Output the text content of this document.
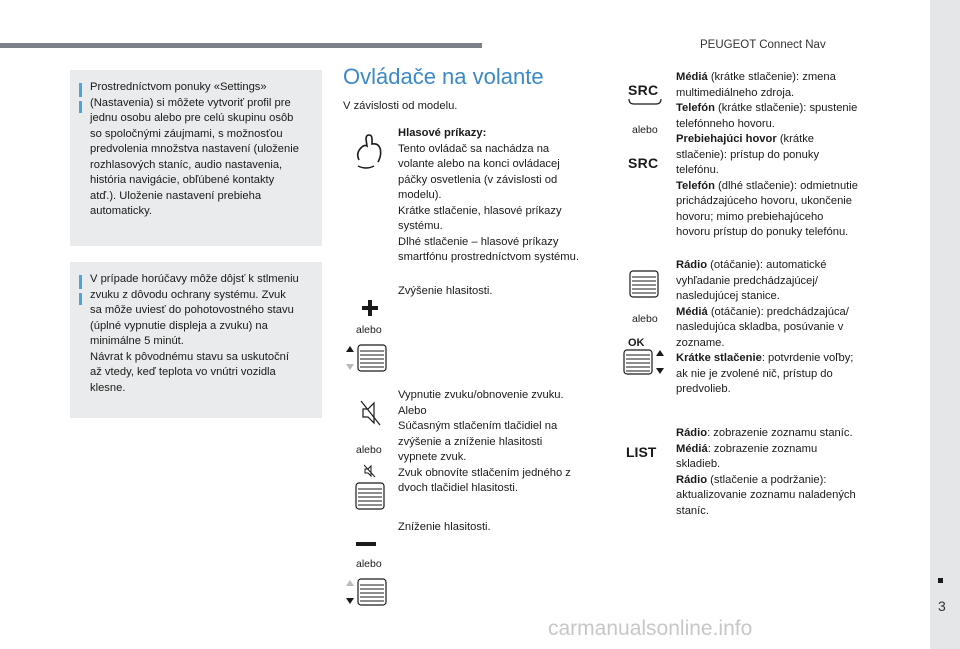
PEUGEOT Connect Nav
3
Prostredníctvom ponuky «Settings»
(Nastavenia) si môžete vytvoriť profil pre
jednu osobu alebo pre celú skupinu osôb
so spoločnými záujmami, s možnosťou
predvolenia množstva nastavení (uloženie
rozhlasových staníc, audio nastavenia,
história navigácie, obľúbené kontakty
atď.). Uloženie nastavení prebieha
automaticky.
V prípade horúčavy môže dôjsť k stlmeniu
zvuku z dôvodu ochrany systému. Zvuk
sa môže uviesť do pohotovostného stavu
(úplné vypnutie displeja a zvuku) na
minimálne 5 minút.
Návrat k pôvodnému stavu sa uskutoční
až vtedy, keď teplota vo vnútri vozidla
klesne.
Ovládače na volante
V závislosti od modelu.
Hlasové príkazy:
Tento ovládač sa nachádza na
volante alebo na konci ovládacej
páčky osvetlenia (v závislosti od
modelu).
Krátke stlačenie, hlasové príkazy
systému.
Dlhé stlačenie – hlasové príkazy
smartfónu prostredníctvom systému.
alebo
Zvýšenie hlasitosti.
alebo
Vypnutie zvuku/obnovenie zvuku.
Alebo
Súčasným stlačením tlačidiel na
zvýšenie a zníženie hlasitosti
vypnete zvuk.
Zvuk obnovíte stlačením jedného z
dvoch tlačidiel hlasitosti.
alebo
Zníženie hlasitosti.
SRC
alebo
SRC
Médiá (krátke stlačenie): zmena
multimediálneho zdroja.
Telefón (krátke stlačenie): spustenie
telefónneho hovoru.
Prebiehajúci hovor (krátke
stlačenie): prístup do ponuky
telefónu.
Telefón (dlhé stlačenie): odmietnutie
prichádzajúceho hovoru, ukončenie
hovoru; mimo prebiehajúceho
hovoru prístup do ponuky telefónu.
alebo
OK
Rádio (otáčanie): automatické
vyhľadanie predchádzajúcej/
nasledujúcej stanice.
Médiá (otáčanie): predchádzajúca/
nasledujúca skladba, posúvanie v
zozname.
Krátke stlačenie: potvrdenie voľby;
ak nie je zvolené nič, prístup do
predvolieb.
LIST
Rádio: zobrazenie zoznamu staníc.
Médiá: zobrazenie zoznamu
skladieb.
Rádio (stlačenie a podržanie):
aktualizovanie zoznamu naladených
staníc.
carmanualsonline.info
